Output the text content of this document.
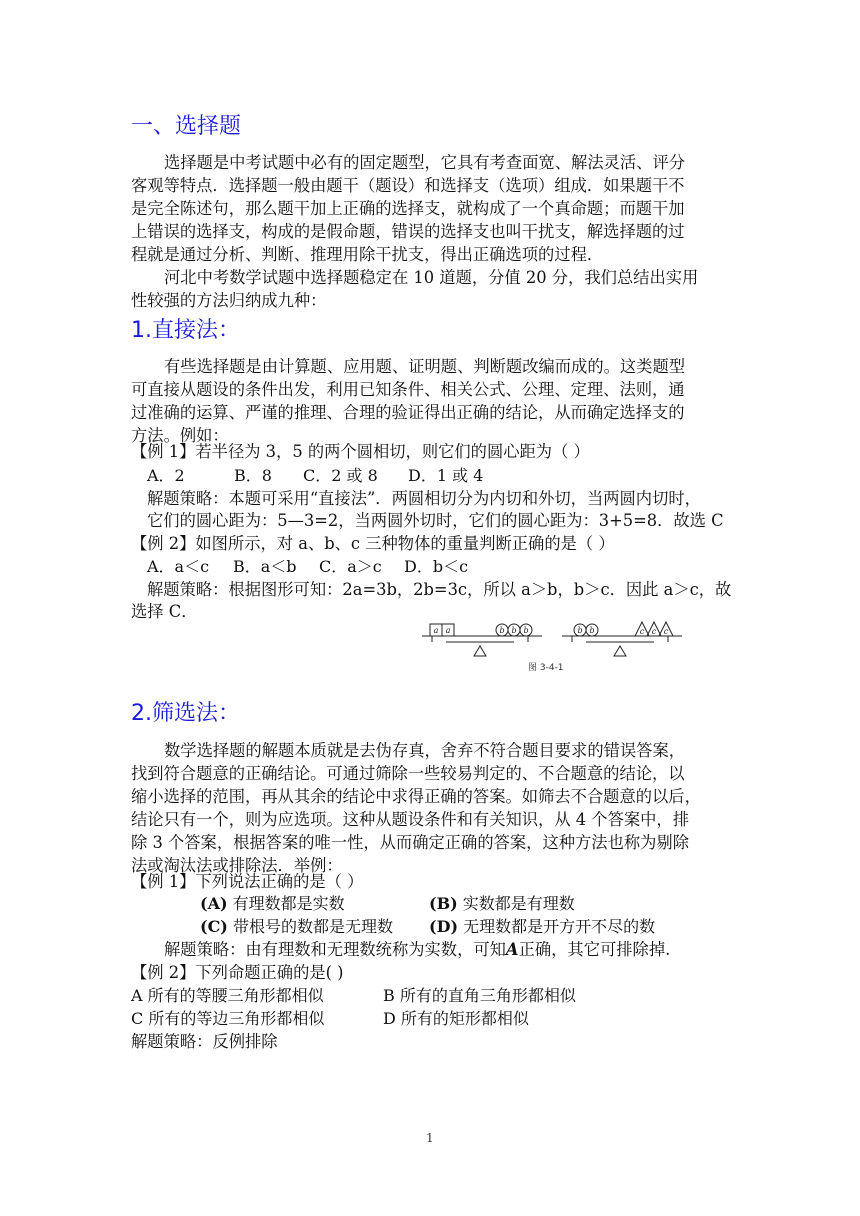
一、选择题
选择题是中考试题中必有的固定题型，它具有考查面宽、解法灵活、评分
客观等特点．选择题一般由题干（题设）和选择支（选项）组成．如果题干不
是完全陈述句，那么题干加上正确的选择支，就构成了一个真命题；而题干加
上错误的选择支，构成的是假命题，错误的选择支也叫干扰支，解选择题的过
程就是通过分析、判断、推理用除干扰支，得出正确选项的过程．
河北中考数学试题中选择题稳定在 10 道题，分值 20 分，我们总结出实用
性较强的方法归纳成九种：
1.直接法：
有些选择题是由计算题、应用题、证明题、判断题改编而成的。这类题型
可直接从题设的条件出发，利用已知条件、相关公式、公理、定理、法则，通
过准确的运算、严谨的推理、合理的验证得出正确的结论，从而确定选择支的
方法。例如：
【例 1】若半径为 3，5 的两个圆相切，则它们的圆心距为（ ）
A．2	B．8 C．2 或 8 D．1 或 4
解题策略：本题可采用“直接法”．两圆相切分为内切和外切，当两圆内切时，
它们的圆心距为：5—3=2，当两圆外切时，它们的圆心距为：3+5=8．故选 C
【例 2】如图所示，对 a、b、c 三种物体的重量判断正确的是（ ）
A．a＜c B．a＜b C．a＞c D．b＜c
解题策略：根据图形可知：2a=3b，2b=3c，所以 a＞b，b＞c．因此 a＞c，故
选择 C．
a a	b b b	b b	c c c
图 3-4-1
2.筛选法：
数学选择题的解题本质就是去伪存真，舍弃不符合题目要求的错误答案，
找到符合题意的正确结论。可通过筛除一些较易判定的、不合题意的结论，以
缩小选择的范围，再从其余的结论中求得正确的答案。如筛去不合题意的以后，
结论只有一个，则为应选项。这种从题设条件和有关知识，从 4 个答案中，排
除 3 个答案，根据答案的唯一性，从而确定正确的答案，这种方法也称为剔除
法或淘汰法或排除法．举例：
【例 1】下列说法正确的是（ ）
(A) 有理数都是实数	(B) 实数都是有理数
(C) 带根号的数都是无理数 (D) 无理数都是开方开不尽的数
解题策略：由有理数和无理数统称为实数，可知A正确，其它可排除掉.
【例 2】下列命题正确的是( )
A 所有的等腰三角形都相似	B 所有的直角三角形都相似
C 所有的等边三角形都相似	D 所有的矩形都相似
解题策略：反例排除
1
